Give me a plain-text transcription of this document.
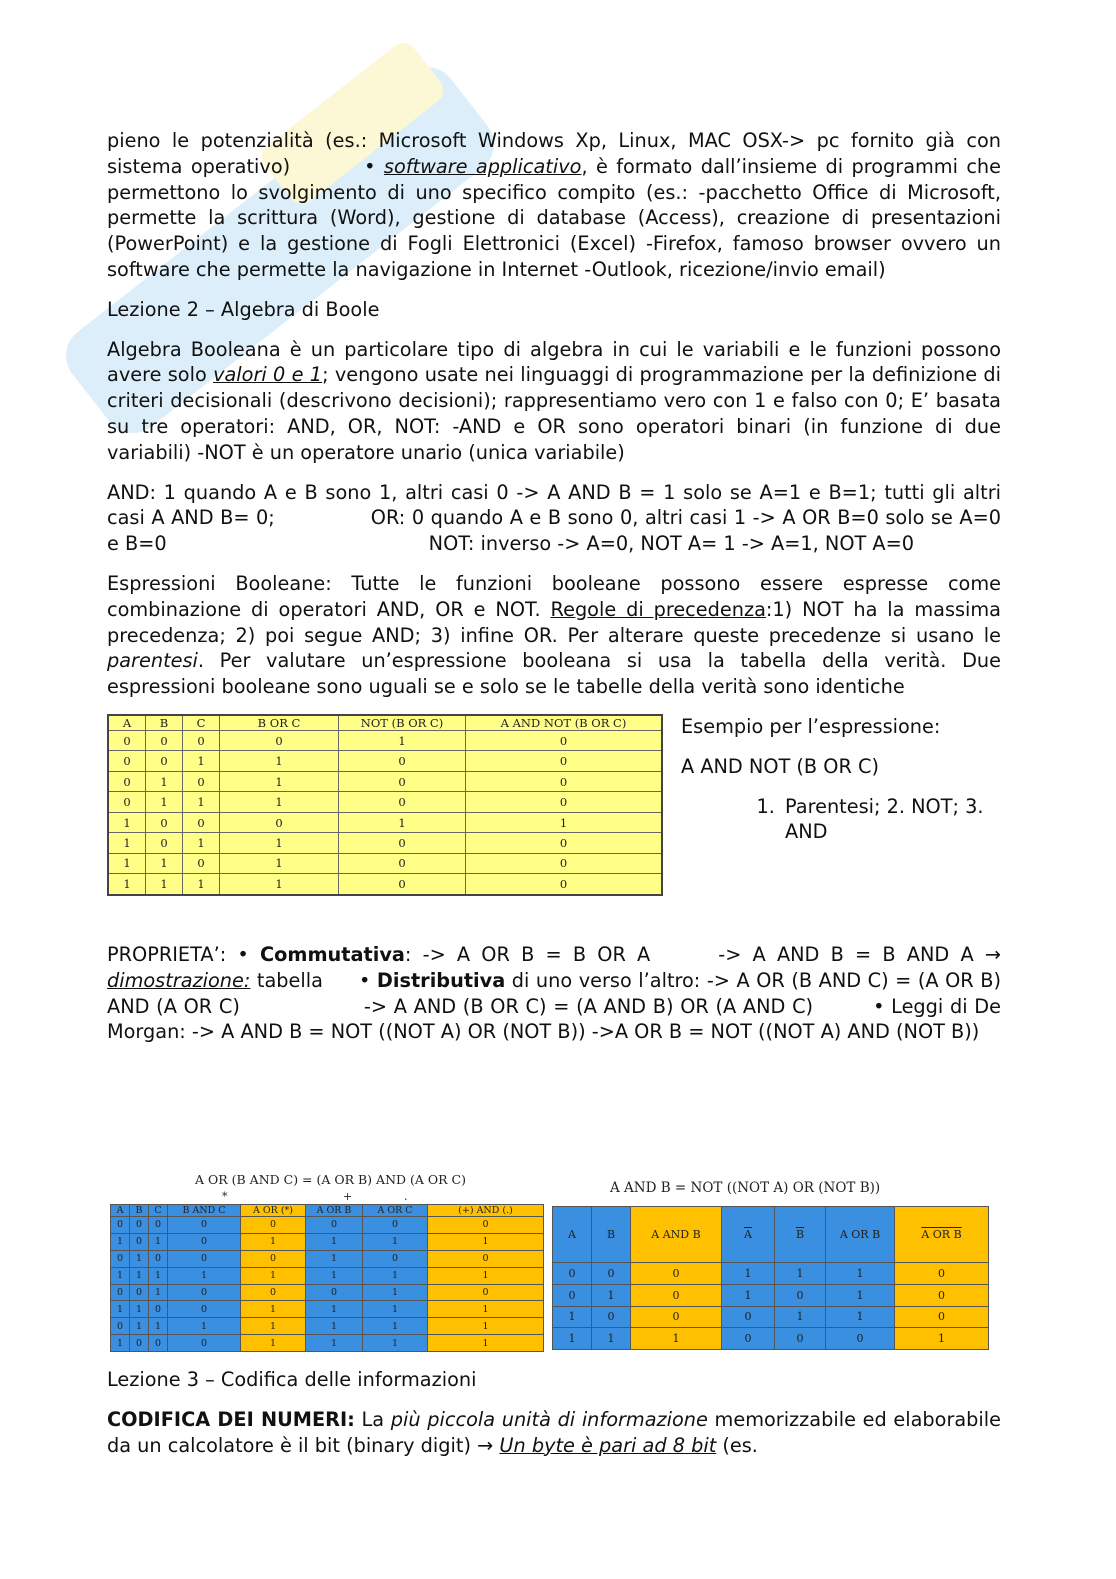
pieno le potenzialità (es.: Microsoft Windows Xp, Linux, MAC OSX-> pc fornito già con sistema operativo)	• software applicativo, è formato dall’insieme di programmi che permettono lo svolgimento di uno specifico compito (es.: -pacchetto Office di Microsoft, permette la scrittura (Word), gestione di database (Access), creazione di presentazioni (PowerPoint) e la gestione di Fogli Elettronici (Excel) -Firefox, famoso browser ovvero un software che permette la navigazione in Internet -Outlook, ricezione/invio email)

Lezione 2 – Algebra di Boole

Algebra Booleana è un particolare tipo di algebra in cui le variabili e le funzioni possono avere solo valori 0 e 1; vengono usate nei linguaggi di programmazione per la definizione di criteri decisionali (descrivono decisioni); rappresentiamo vero con 1 e falso con 0; E’ basata su tre operatori: AND, OR, NOT: -AND e OR sono operatori binari (in funzione di due variabili) -NOT è un operatore unario (unica variabile)

AND: 1 quando A e B sono 1, altri casi 0 -> A AND B = 1 solo se A=1 e B=1; tutti gli altri casi A AND B= 0;	OR: 0 quando A e B sono 0, altri casi 1 -> A OR B=0 solo se A=0 e B=0	NOT: inverso -> A=0, NOT A= 1 -> A=1, NOT A=0

Espressioni Booleane: Tutte le funzioni booleane possono essere espresse come combinazione di operatori AND, OR e NOT. Regole di precedenza:1) NOT ha la massima precedenza; 2) poi segue AND; 3) infine OR. Per alterare queste precedenze si usano le parentesi. Per valutare un’espressione booleana si usa la tabella della verità. Due espressioni booleane sono uguali se e solo se le tabelle della verità sono identiche

A	B	C	B OR C	NOT (B OR C)	A AND NOT (B OR C)
0	0	0	0	1	0
0	0	1	1	0	0
0	1	0	1	0	0
0	1	1	1	0	0
1	0	0	0	1	1
1	0	1	1	0	0
1	1	0	1	0	0
1	1	1	1	0	0
Esempio per l’espressione:
A AND NOT (B OR C)
1. Parentesi; 2. NOT; 3. AND

PROPRIETA’: • Commutativa: -> A OR B = B OR A	-> A AND B = B AND A → dimostrazione: tabella • Distributiva di uno verso l’altro: -> A OR (B AND C) = (A OR B) AND (A OR C)	-> A AND (B OR C) = (A AND B) OR (A AND C)	• Leggi di De Morgan: -> A AND B = NOT ((NOT A) OR (NOT B)) ->A OR B = NOT ((NOT A) AND (NOT B))

A OR (B AND C) = (A OR B) AND (A OR C)
*	+	.
A	B	C	B AND C	A OR (*)	A OR B	A OR C	(+) AND (.)
0	0	0	0	0	0	0	0
1	0	1	0	1	1	1	1
0	1	0	0	0	1	0	0
1	1	1	1	1	1	1	1
0	0	1	0	0	0	1	0
1	1	0	0	1	1	1	1
0	1	1	1	1	1	1	1
1	0	0	0	1	1	1	1
A AND B = NOT ((NOT A) OR (NOT B))
A	B	A AND B	$\overline{A}$	$\overline{B}$	A OR B	A OR B
0	0	0	1	1	1	0
0	1	0	1	0	1	0
1	0	0	0	1	1	0
1	1	1	0	0	0	1

Lezione 3 – Codifica delle informazioni

CODIFICA DEI NUMERI: La più piccola unità di informazione memorizzabile ed elaborabile da un calcolatore è il bit (binary digit) → Un byte è pari ad 8 bit (es.
